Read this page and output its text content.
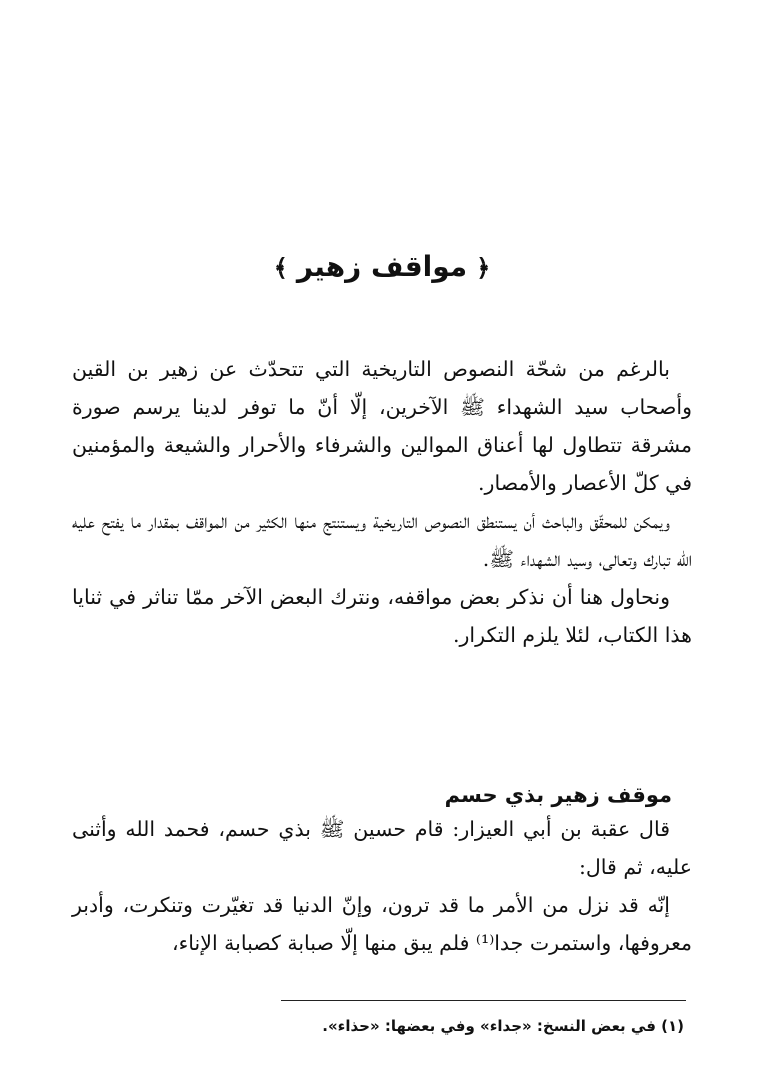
﴿ مواقف زهير ﴾

بالرغم من شحّة النصوص التاريخية التي تتحدّث عن زهير بن القين وأصحاب سيد الشهداء ﷺ الآخرين، إلّا أنّ ما توفر لدينا يرسم صورة مشرقة تتطاول لها أعناق الموالين والشرفاء والأحرار والشيعة والمؤمنين في كلّ الأعصار والأمصار.

ويمكن للمحقّق والباحث أن يستنطق النصوص التاريخية ويستنتج منها الكثير من المواقف بمقدار ما يفتح عليه الله تبارك وتعالى، وسيد الشهداء ﷺ.

ونحاول هنا أن نذكر بعض مواقفه، ونترك البعض الآخر ممّا تناثر في ثنايا هذا الكتاب، لئلا يلزم التكرار.

موقف زهير بذي حسم

قال عقبة بن أبي العيزار: قام حسين ﷺ بذي حسم، فحمد الله وأثنى عليه، ثم قال:

إنّه قد نزل من الأمر ما قد ترون، وإنّ الدنيا قد تغيّرت وتنكرت، وأدبر معروفها، واستمرت جدا⁽¹⁾ فلم يبق منها إلّا صبابة كصبابة الإناء،

(١) في بعض النسخ: «جداء» وفي بعضها: «حذاء».
